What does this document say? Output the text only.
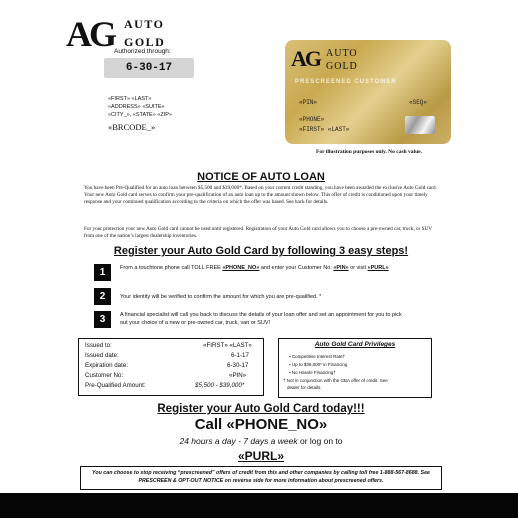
AG AUTO
GOLD
Authorized through:
6-30-17
«FIRST» «LAST»
«ADDRESS» «SUITE»
«CITY_», «STATE» «ZIP»
«BRCODE_»
AG AUTO
GOLD
PRESCREENED CUSTOMER
«PIN»	«SEQ»
«PHONE»
«FIRST» «LAST»
For illustration purposes only. No cash value.
NOTICE OF AUTO LOAN
You have been Pre-Qualified for an auto loan between $5,500 and $39,000*. Based on your current credit standing, you have been awarded the exclusive Auto Gold card. Your new Auto Gold card serves to confirm your pre-qualification of an auto loan up to the amount shown below. This offer of credit is conditioned upon your timely response and your continued qualification according to the criteria on which the offer was based. See back for details.
For your protection your new Auto Gold card cannot be used until registered. Registration of your Auto Gold card allows you to choose a pre-owned car, truck, or SUV from one of the nation’s largest dealership inventories.
Register your Auto Gold Card by following 3 easy steps!
1	From a touchtone phone call TOLL FREE «PHONE_NO» and enter your Customer No: «PIN» or visit «PURL»
2	Your identity will be verified to confirm the amount for which you are pre-qualified. *
3	A financial specialist will call you back to discuss the details of your loan offer and set an appointment for you to pick out your choice of a new or pre-owned car, truck, van or SUV!
Issued to:	«FIRST» «LAST»
Issued date:	6-1-17
Expiration date:	6-30-17
Customer No:	«PIN»
Pre-Qualified Amount:	$5,500 - $39,000*
Auto Gold Card Privileges
▪ Competitive Interest Rate†
▪ Up to $39,000* in Financing
▪ No Hassle Financing†
† Not in conjunction with the GBA offer of credit. See
dealer for details.
Register your Auto Gold Card today!!!
Call «PHONE_NO»
24 hours a day - 7 days a week or log on to
«PURL»
You can choose to stop receiving “prescreened” offers of credit from this and other companies by calling toll free 1-888-567-8688. See PRESCREEN & OPT-OUT NOTICE on reverse side for more information about prescreened offers.
